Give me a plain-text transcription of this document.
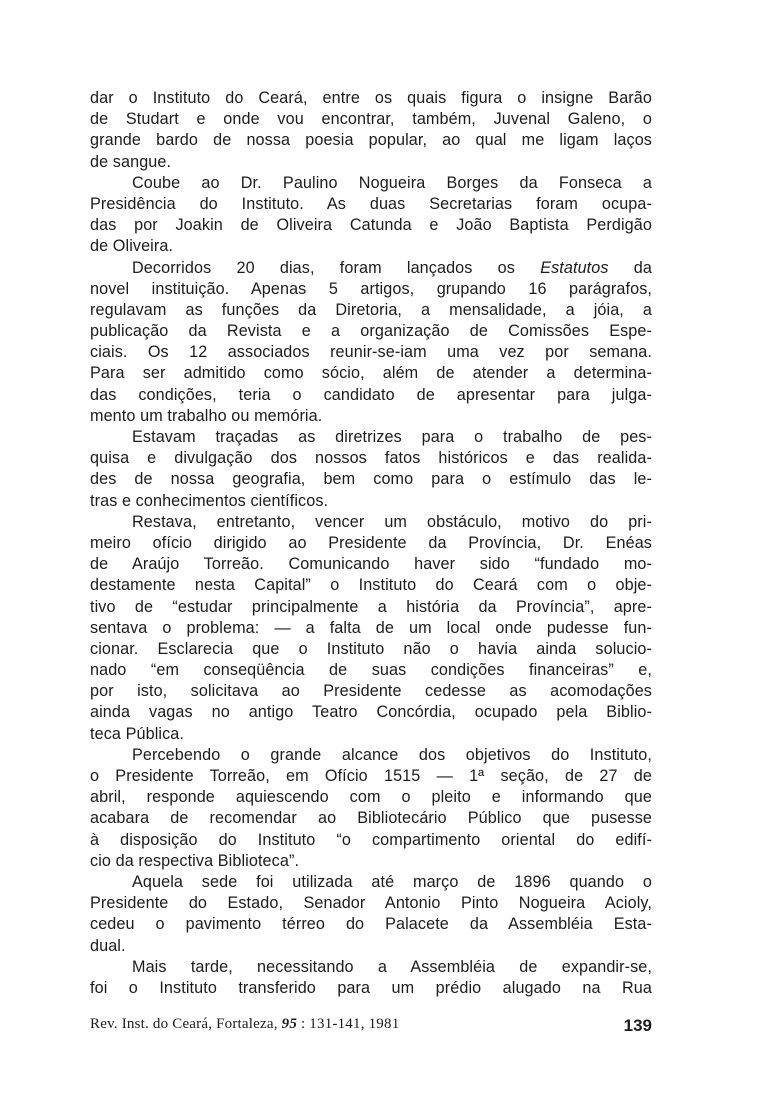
dar o Instituto do Ceará, entre os quais figura o insigne Barão
de Studart e onde vou encontrar, também, Juvenal Galeno, o
grande bardo de nossa poesia popular, ao qual me ligam laços
de sangue.
Coube ao Dr. Paulino Nogueira Borges da Fonseca a
Presidência do Instituto. As duas Secretarias foram ocupa-
das por Joakin de Oliveira Catunda e João Baptista Perdigão
de Oliveira.
Decorridos 20 dias, foram lançados os Estatutos da
novel instituição. Apenas 5 artigos, grupando 16 parágrafos,
regulavam as funções da Diretoria, a mensalidade, a jóia, a
publicação da Revista e a organização de Comissões Espe-
ciais. Os 12 associados reunir-se-iam uma vez por semana.
Para ser admitido como sócio, além de atender a determina-
das condições, teria o candidato de apresentar para julga-
mento um trabalho ou memória.
Estavam traçadas as diretrizes para o trabalho de pes-
quisa e divulgação dos nossos fatos históricos e das realida-
des de nossa geografia, bem como para o estímulo das le-
tras e conhecimentos científicos.
Restava, entretanto, vencer um obstáculo, motivo do pri-
meiro ofício dirigido ao Presidente da Província, Dr. Enéas
de Araújo Torreão. Comunicando haver sido “fundado mo-
destamente nesta Capital” o Instituto do Ceará com o obje-
tivo de “estudar principalmente a história da Província”, apre-
sentava o problema: — a falta de um local onde pudesse fun-
cionar. Esclarecia que o Instituto não o havia ainda solucio-
nado “em conseqüência de suas condições financeiras” e,
por isto, solicitava ao Presidente cedesse as acomodações
ainda vagas no antigo Teatro Concórdia, ocupado pela Biblio-
teca Pública.
Percebendo o grande alcance dos objetivos do Instituto,
o Presidente Torreão, em Ofício 1515 — 1ª seção, de 27 de
abril, responde aquiescendo com o pleito e informando que
acabara de recomendar ao Bibliotecário Público que pusesse
à disposição do Instituto “o compartimento oriental do edifí-
cio da respectiva Biblioteca”.
Aquela sede foi utilizada até março de 1896 quando o
Presidente do Estado, Senador Antonio Pinto Nogueira Acioly,
cedeu o pavimento térreo do Palacete da Assembléia Esta-
dual.
Mais tarde, necessitando a Assembléia de expandir-se,
foi o Instituto transferido para um prédio alugado na Rua
Rev. Inst. do Ceará, Fortaleza, 95 : 131-141, 1981	139
